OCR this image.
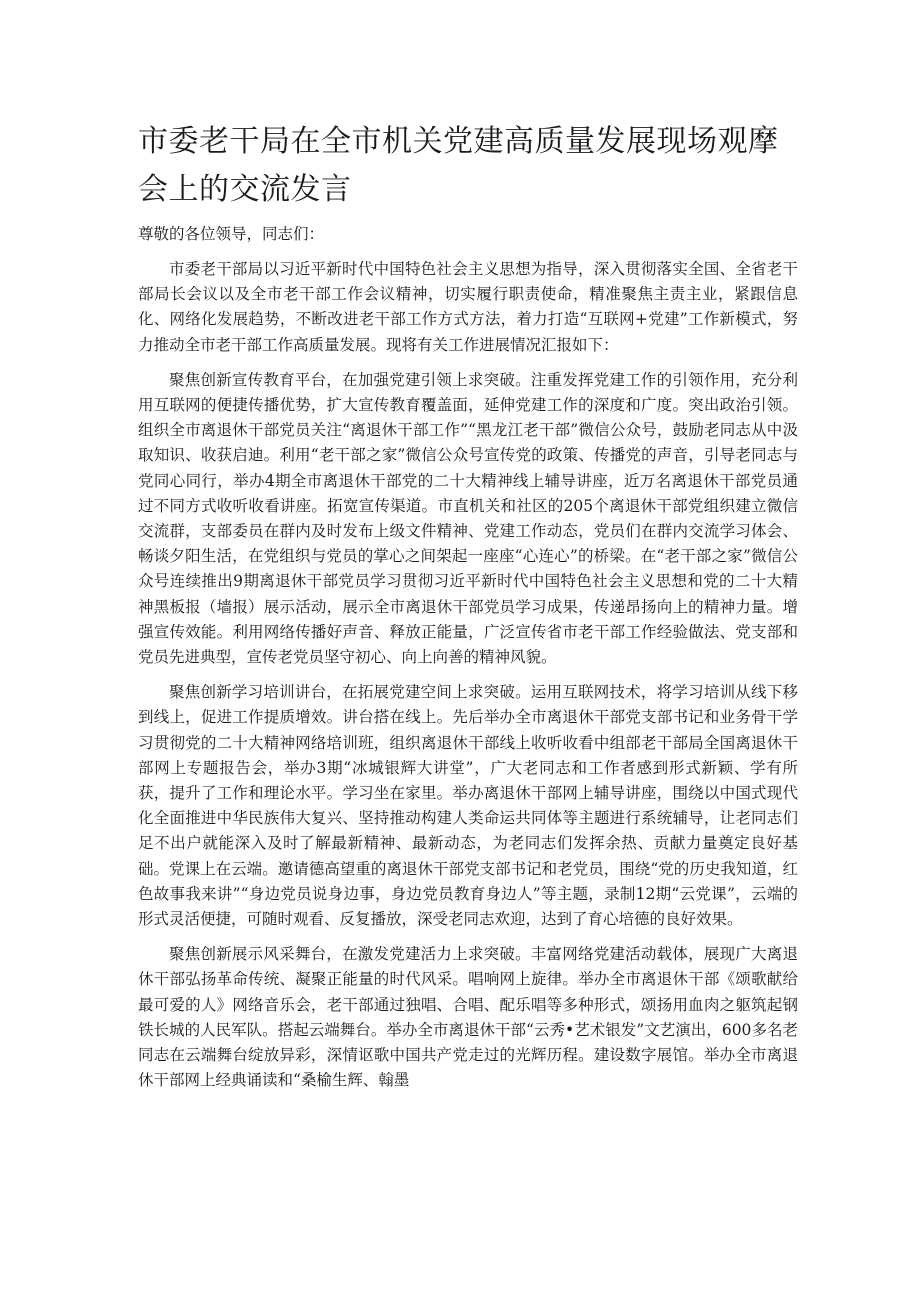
市委老干局在全市机关党建高质量发展现场观摩会上的交流发言

尊敬的各位领导，同志们：

市委老干部局以习近平新时代中国特色社会主义思想为指导，深入贯彻落实全国、全省老干部局长会议以及全市老干部工作会议精神，切实履行职责使命，精准聚焦主责主业，紧跟信息化、网络化发展趋势，不断改进老干部工作方式方法，着力打造“互联网+党建”工作新模式，努力推动全市老干部工作高质量发展。现将有关工作进展情况汇报如下：

聚焦创新宣传教育平台，在加强党建引领上求突破。注重发挥党建工作的引领作用，充分利用互联网的便捷传播优势，扩大宣传教育覆盖面，延伸党建工作的深度和广度。突出政治引领。组织全市离退休干部党员关注“离退休干部工作”“黑龙江老干部”微信公众号，鼓励老同志从中汲取知识、收获启迪。利用“老干部之家”微信公众号宣传党的政策、传播党的声音，引导老同志与党同心同行，举办4期全市离退休干部党的二十大精神线上辅导讲座，近万名离退休干部党员通过不同方式收听收看讲座。拓宽宣传渠道。市直机关和社区的205个离退休干部党组织建立微信交流群，支部委员在群内及时发布上级文件精神、党建工作动态，党员们在群内交流学习体会、畅谈夕阳生活，在党组织与党员的掌心之间架起一座座“心连心”的桥梁。在“老干部之家”微信公众号连续推出9期离退休干部党员学习贯彻习近平新时代中国特色社会主义思想和党的二十大精神黑板报（墙报）展示活动，展示全市离退休干部党员学习成果，传递昂扬向上的精神力量。增强宣传效能。利用网络传播好声音、释放正能量，广泛宣传省市老干部工作经验做法、党支部和党员先进典型，宣传老党员坚守初心、向上向善的精神风貌。

聚焦创新学习培训讲台，在拓展党建空间上求突破。运用互联网技术，将学习培训从线下移到线上，促进工作提质增效。讲台搭在线上。先后举办全市离退休干部党支部书记和业务骨干学习贯彻党的二十大精神网络培训班，组织离退休干部线上收听收看中组部老干部局全国离退休干部网上专题报告会，举办3期“冰城银辉大讲堂”，广大老同志和工作者感到形式新颖、学有所获，提升了工作和理论水平。学习坐在家里。举办离退休干部网上辅导讲座，围绕以中国式现代化全面推进中华民族伟大复兴、坚持推动构建人类命运共同体等主题进行系统辅导，让老同志们足不出户就能深入及时了解最新精神、最新动态，为老同志们发挥余热、贡献力量奠定良好基础。党课上在云端。邀请德高望重的离退休干部党支部书记和老党员，围绕“党的历史我知道，红色故事我来讲”“身边党员说身边事，身边党员教育身边人”等主题，录制12期“云党课”，云端的形式灵活便捷，可随时观看、反复播放，深受老同志欢迎，达到了育心培德的良好效果。

聚焦创新展示风采舞台，在激发党建活力上求突破。丰富网络党建活动载体，展现广大离退休干部弘扬革命传统、凝聚正能量的时代风采。唱响网上旋律。举办全市离退休干部《颂歌献给最可爱的人》网络音乐会，老干部通过独唱、合唱、配乐唱等多种形式，颂扬用血肉之躯筑起钢铁长城的人民军队。搭起云端舞台。举办全市离退休干部“云秀•艺术银发”文艺演出，600多名老同志在云端舞台绽放异彩，深情讴歌中国共产党走过的光辉历程。建设数字展馆。举办全市离退休干部网上经典诵读和“桑榆生辉、翰墨
